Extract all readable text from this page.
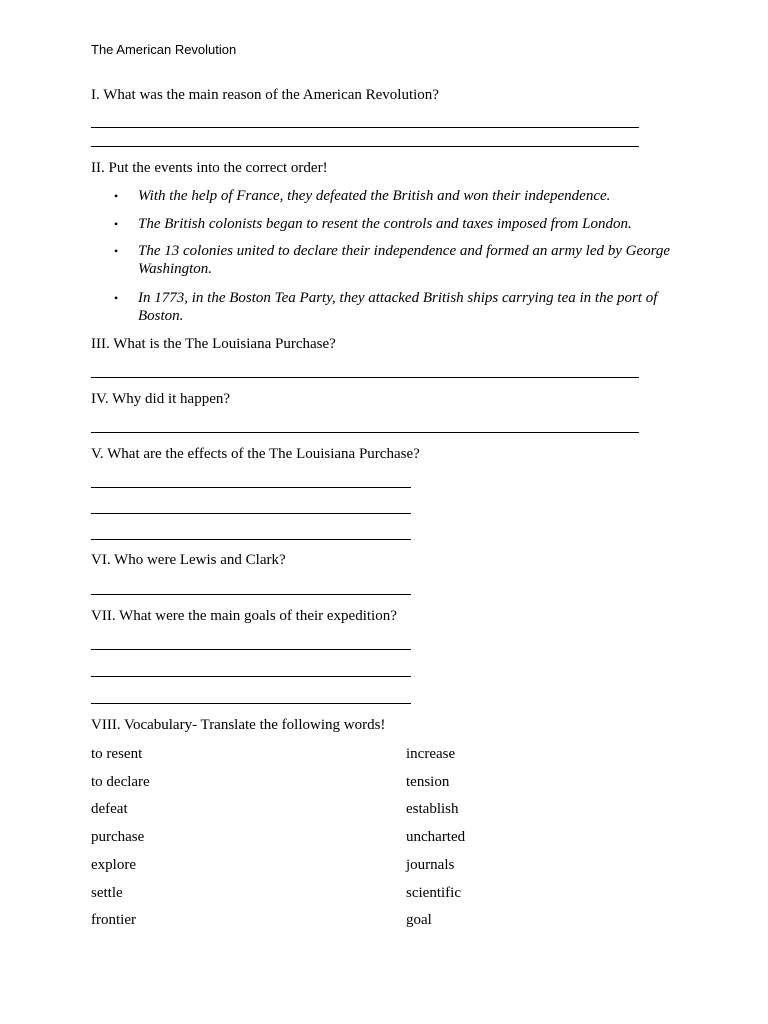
The American Revolution
I. What was the main reason of the American Revolution?
II. Put the events into the correct order!
• With the help of France, they defeated the British and won their independence.
• The British colonists began to resent the controls and taxes imposed from London.
• The 13 colonies united to declare their independence and formed an army led by George Washington.
• In 1773, in the Boston Tea Party, they attacked British ships carrying tea in the port of Boston.
III. What is the The Louisiana Purchase?
IV. Why did it happen?
V. What are the effects of the The Louisiana Purchase?
VI. Who were Lewis and Clark?
VII. What were the main goals of their expedition?
VIII. Vocabulary- Translate the following words!
to resent
to declare
defeat
purchase
explore
settle
frontier
increase
tension
establish
uncharted
journals
scientific
goal
